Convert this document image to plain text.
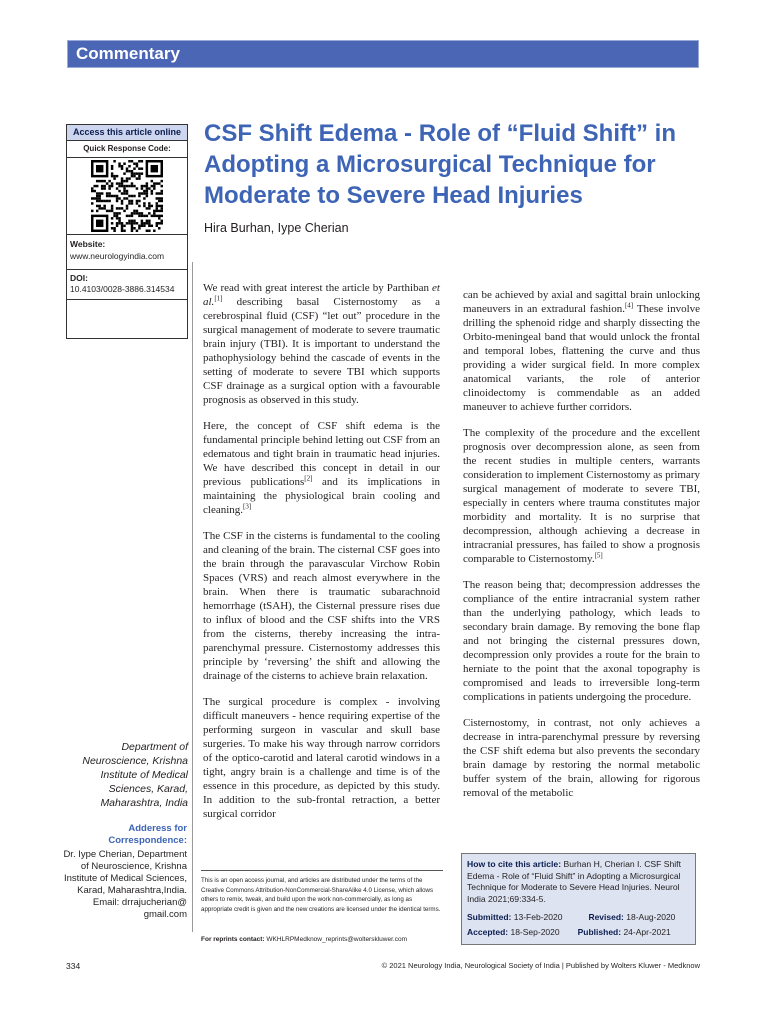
Commentary
Access this article online
Quick Response Code:
Website:
www.neurologyindia.com
DOI:
10.4103/0028-3886.314534
CSF Shift Edema - Role of “Fluid Shift” in Adopting a Microsurgical Technique for Moderate to Severe Head Injuries
Hira Burhan, Iype Cherian

We read with great interest the article by Parthiban et al.[1] describing basal Cisternostomy as a cerebrospinal fluid (CSF) “let out” procedure in the surgical management of moderate to severe traumatic brain injury (TBI). It is important to understand the pathophysiology behind the cascade of events in the setting of moderate to severe TBI which supports CSF drainage as a surgical option with a favourable prognosis as observed in this study.

Here, the concept of CSF shift edema is the fundamental principle behind letting out CSF from an edematous and tight brain in traumatic head injuries. We have described this concept in detail in our previous publications[2] and its implications in maintaining the physiological brain cooling and cleaning.[3]

The CSF in the cisterns is fundamental to the cooling and cleaning of the brain. The cisternal CSF goes into the brain through the paravascular Virchow Robin Spaces (VRS) and reach almost everywhere in the brain. When there is traumatic subarachnoid hemorrhage (tSAH), the Cisternal pressure rises due to influx of blood and the CSF shifts into the VRS from the cisterns, thereby increasing the intra-parenchymal pressure. Cisternostomy addresses this principle by ‘reversing’ the shift and allowing the drainage of the cisterns to achieve brain relaxation.

The surgical procedure is complex - involving difficult maneuvers - hence requiring expertise of the performing surgeon in vascular and skull base surgeries. To make his way through narrow corridors of the optico-carotid and lateral carotid windows in a tight, angry brain is a challenge and time is of the essence in this procedure, as depicted by this study. In addition to the sub-frontal retraction, a better surgical corridor

can be achieved by axial and sagittal brain unlocking maneuvers in an extradural fashion.[4] These involve drilling the sphenoid ridge and sharply dissecting the Orbito-meningeal band that would unlock the frontal and temporal lobes, flattening the curve and thus providing a wider surgical field. In more complex anatomical variants, the role of anterior clinoidectomy is commendable as an added maneuver to achieve further corridors.

The complexity of the procedure and the excellent prognosis over decompression alone, as seen from the recent studies in multiple centers, warrants consideration to implement Cisternostomy as primary surgical management of moderate to severe TBI, especially in centers where trauma constitutes major morbidity and mortality. It is no surprise that decompression, although achieving a decrease in intracranial pressures, has failed to show a prognosis comparable to Cisternostomy.[5]

The reason being that; decompression addresses the compliance of the entire intracranial system rather than the underlying pathology, which leads to secondary brain damage. By removing the bone flap and not bringing the cisternal pressures down, decompression only provides a route for the brain to herniate to the point that the axonal topography is compromised and leads to irreversible long-term complications in patients undergoing the procedure.

Cisternostomy, in contrast, not only achieves a decrease in intra-parenchymal pressure by reversing the CSF shift edema but also prevents the secondary brain damage by restoring the normal metabolic buffer system of the brain, allowing for rigorous removal of the metabolic

Department of Neuroscience, Krishna Institute of Medical Sciences, Karad, Maharashtra, India
Adderess for Correspondence:
Dr. Iype Cherian, Department of Neuroscience, Krishna Institute of Medical Sciences, Karad, Maharashtra,India. Email: drrajucherian@ gmail.com
This is an open access journal, and articles are distributed under the terms of the Creative Commons Attribution-NonCommercial-ShareAlike 4.0 License, which allows others to remix, tweak, and build upon the work non-commercially, as long as appropriate credit is given and the new creations are licensed under the identical terms.
For reprints contact: WKHLRPMedknow_reprints@wolterskluwer.com
How to cite this article: Burhan H, Cherian I. CSF Shift Edema - Role of “Fluid Shift” in Adopting a Microsurgical Technique for Moderate to Severe Head Injuries. Neurol India 2021;69:334-5.
Submitted: 13-Feb-2020	Revised: 18-Aug-2020
Accepted: 18-Sep-2020 Published: 24-Apr-2021
334	© 2021 Neurology India, Neurological Society of India | Published by Wolters Kluwer - Medknow
